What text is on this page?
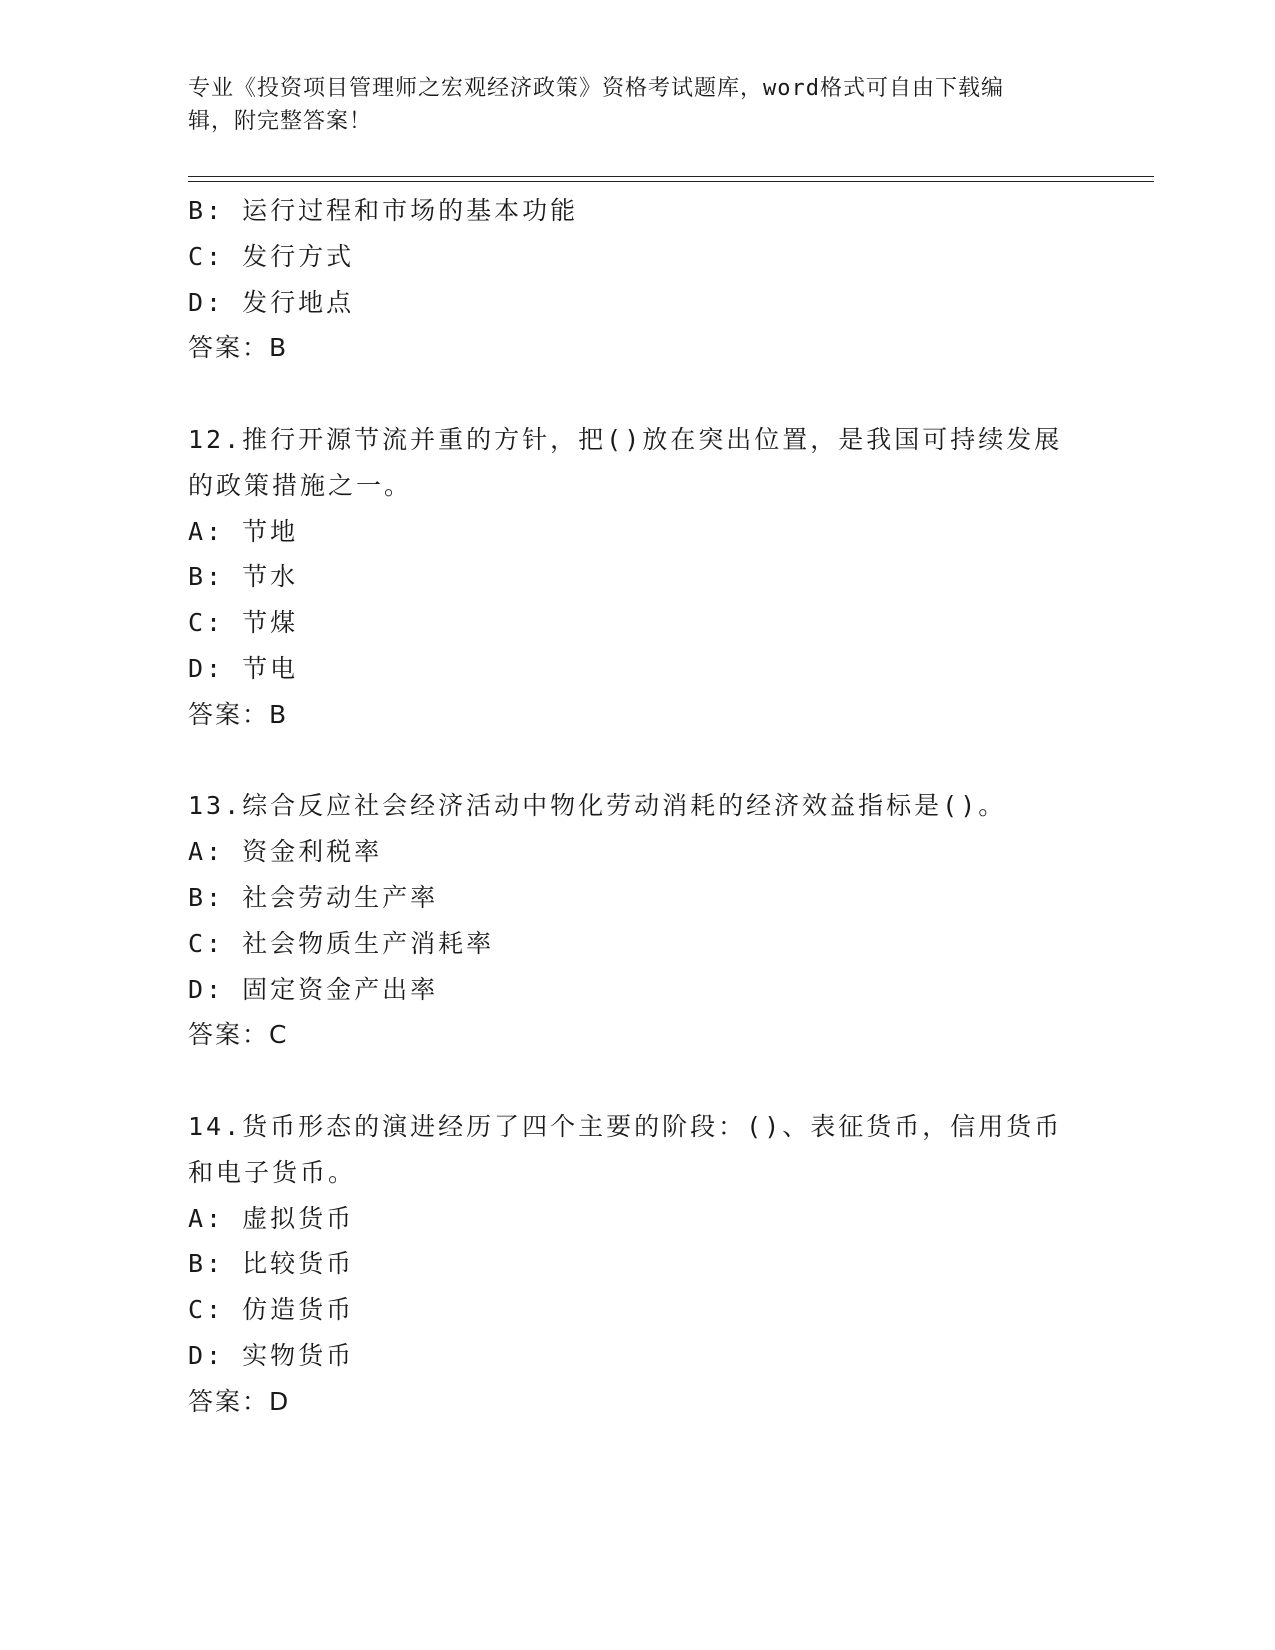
专业《投资项目管理师之宏观经济政策》资格考试题库，word格式可自由下载编
辑，附完整答案！
B: 运行过程和市场的基本功能
C: 发行方式
D: 发行地点
答案：B
12.推行开源节流并重的方针，把()放在突出位置，是我国可持续发展
的政策措施之一。
A: 节地
B: 节水
C: 节煤
D: 节电
答案：B
13.综合反应社会经济活动中物化劳动消耗的经济效益指标是()。
A: 资金利税率
B: 社会劳动生产率
C: 社会物质生产消耗率
D: 固定资金产出率
答案：C
14.货币形态的演进经历了四个主要的阶段：()、表征货币，信用货币
和电子货币。
A: 虚拟货币
B: 比较货币
C: 仿造货币
D: 实物货币
答案：D
